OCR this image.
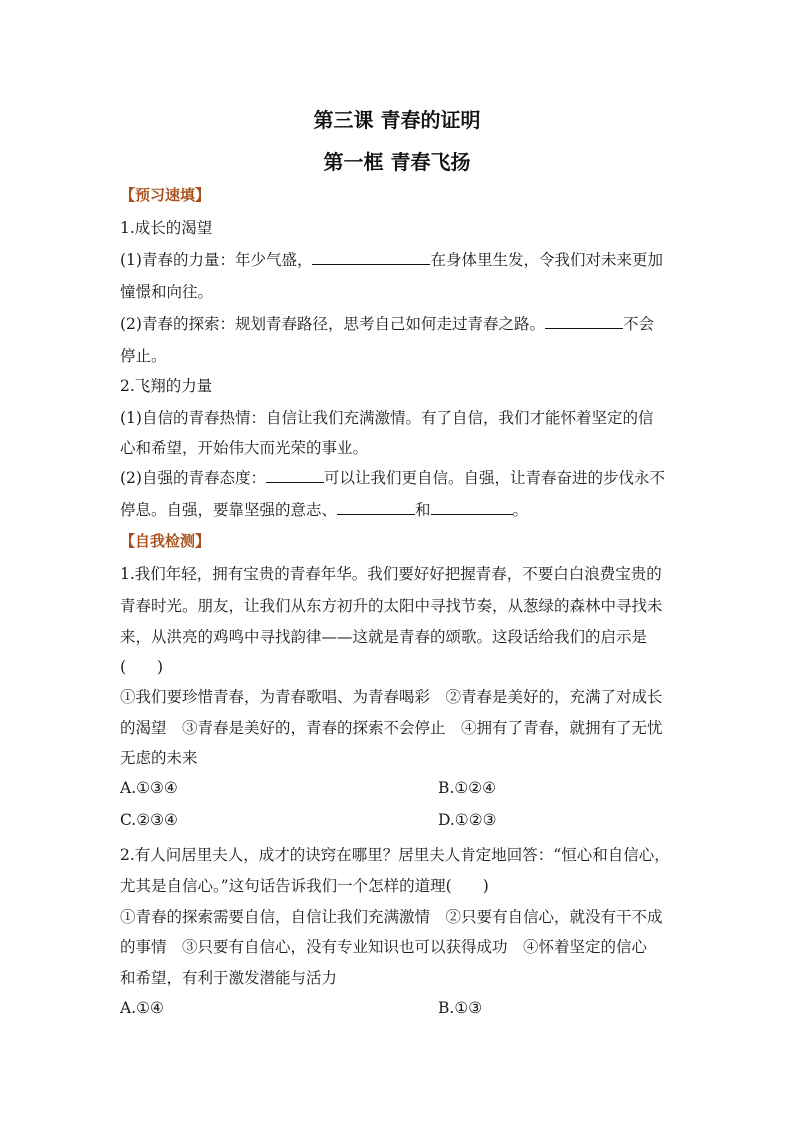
第三课 青春的证明
第一框 青春飞扬
【预习速填】
1.成长的渴望
(1)青春的力量：年少气盛，	在身体里生发，令我们对未来更加
憧憬和向往。
(2)青春的探索：规划青春路径，思考自己如何走过青春之路。	不会
停止。
2.飞翔的力量
(1)自信的青春热情：自信让我们充满激情。有了自信，我们才能怀着坚定的信
心和希望，开始伟大而光荣的事业。
(2)自强的青春态度：	可以让我们更自信。自强，让青春奋进的步伐永不
停息。自强，要靠坚强的意志、	和	。
【自我检测】
1.我们年轻，拥有宝贵的青春年华。我们要好好把握青春，不要白白浪费宝贵的
青春时光。朋友，让我们从东方初升的太阳中寻找节奏，从葱绿的森林中寻找未
来，从洪亮的鸡鸣中寻找韵律——这就是青春的颂歌。这段话给我们的启示是
(　　)
①我们要珍惜青春，为青春歌唱、为青春喝彩　②青春是美好的，充满了对成长
的渴望　③青春是美好的，青春的探索不会停止　④拥有了青春，就拥有了无忧
无虑的未来
A.①③④	B.①②④
C.②③④	D.①②③
2.有人问居里夫人，成才的诀窍在哪里？居里夫人肯定地回答：“恒心和自信心，
尤其是自信心。”这句话告诉我们一个怎样的道理(　　)
①青春的探索需要自信，自信让我们充满激情　②只要有自信心，就没有干不成
的事情　③只要有自信心，没有专业知识也可以获得成功　④怀着坚定的信心
和希望，有利于激发潜能与活力
A.①④	B.①③
